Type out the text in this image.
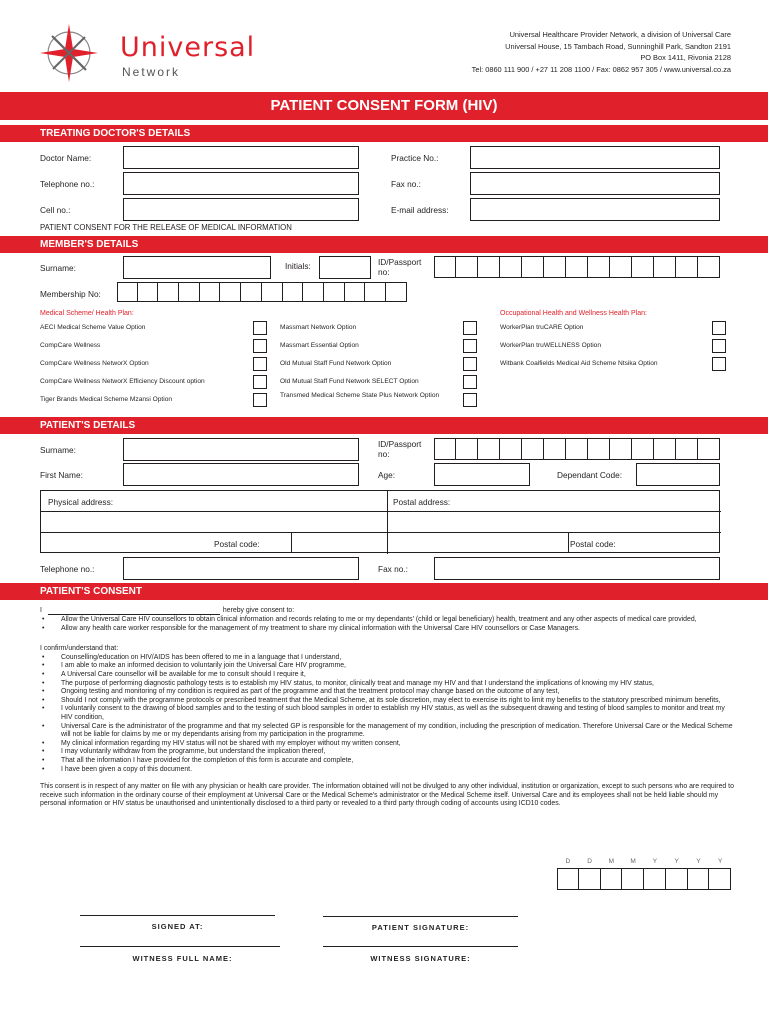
Universal
Network
Universal Healthcare Provider Network, a division of Universal Care
Universal House, 15 Tambach Road, Sunninghill Park, Sandton 2191
PO Box 1411, Rivonia 2128
Tel: 0860 111 900 / +27 11 208 1100 / Fax: 0862 957 305 / www.universal.co.za
PATIENT CONSENT FORM (HIV)
TREATING DOCTOR'S DETAILS
Doctor Name:	Practice No.:
Telephone no.:	Fax no.:
Cell no.:	E-mail address:
PATIENT CONSENT FOR THE RELEASE OF MEDICAL INFORMATION
MEMBER'S DETAILS
Surname:	Initials:	ID/Passport no:
Membership No:
Medical Scheme/ Health Plan:	Occupational Health and Wellness Health Plan:
AECI Medical Scheme Value Option
CompCare Wellness
CompCare Wellness NetworX Option
CompCare Wellness NetworX Efficiency Discount option
Tiger Brands Medical Scheme Mzansi Option
Massmart Network Option
Massmart Essential Option
Old Mutual Staff Fund Network Option
Old Mutual Staff Fund Network SELECT Option
Transmed Medical Scheme State Plus Network Option
WorkerPlan truCARE Option
WorkerPlan truWELLNESS Option
Witbank Coalfields Medical Aid Scheme Ntsika Option
PATIENT'S DETAILS
Surname:
ID/Passport no:
First Name:	Age:	Dependant Code:
Physical address:	Postal address:
Postal code:	Postal code:
Telephone no.:	Fax no.:
PATIENT'S CONSENT
I	hereby give consent to:
• Allow the Universal Care HIV counsellors to obtain clinical information and records relating to me or my dependants' (child or legal beneficiary) health, treatment and any other aspects of medical care provided,
• Allow any health care worker responsible for the management of my treatment to share my clinical information with the Universal Care HIV counsellors or Case Managers.
I confirm/understand that:
• Counselling/education on HIV/AIDS has been offered to me in a language that I understand,
• I am able to make an informed decision to voluntarily join the Universal Care HIV programme,
• A Universal Care counsellor will be available for me to consult should I require it,
• The purpose of performing diagnostic pathology tests is to establish my HIV status, to monitor, clinically treat and manage my HIV and that I understand the implications of knowing my HIV status,
• Ongoing testing and monitoring of my condition is required as part of the programme and that the treatment protocol may change based on the outcome of any test,
• Should I not comply with the programme protocols or prescribed treatment that the Medical Scheme, at its sole discretion, may elect to exercise its right to limit my benefits to the statutory prescribed minimum benefits,
• I voluntarily consent to the drawing of blood samples and to the testing of such blood samples in order to establish my HIV status, as well as the subsequent drawing and testing of blood samples to monitor and treat my HIV condition,
• Universal Care is the administrator of the programme and that my selected GP is responsible for the management of my condition, including the prescription of medication. Therefore Universal Care or the Medical Scheme will not be liable for claims by me or my dependants arising from my participation in the programme.
• My clinical information regarding my HIV status will not be shared with my employer without my written consent,
• I may voluntarily withdraw from the programme, but understand the implication thereof,
• That all the information I have provided for the completion of this form is accurate and complete,
• I have been given a copy of this document.
This consent is in respect of any matter on file with any physician or health care provider. The information obtained will not be divulged to any other individual, institution or organization, except to such persons who are required to receive such information in the ordinary course of their employment at Universal Care or the Medical Scheme's administrator or the Medical Scheme itself. Universal Care and its employees shall not be held liable should my personal information or HIV status be unauthorised and unintentionally disclosed to a third party or revealed to a third party through coding of accounts using ICD10 codes.
D	D	M	M	Y	Y	Y	Y
SIGNED AT:	PATIENT SIGNATURE:
WITNESS FULL NAME:	WITNESS SIGNATURE:
